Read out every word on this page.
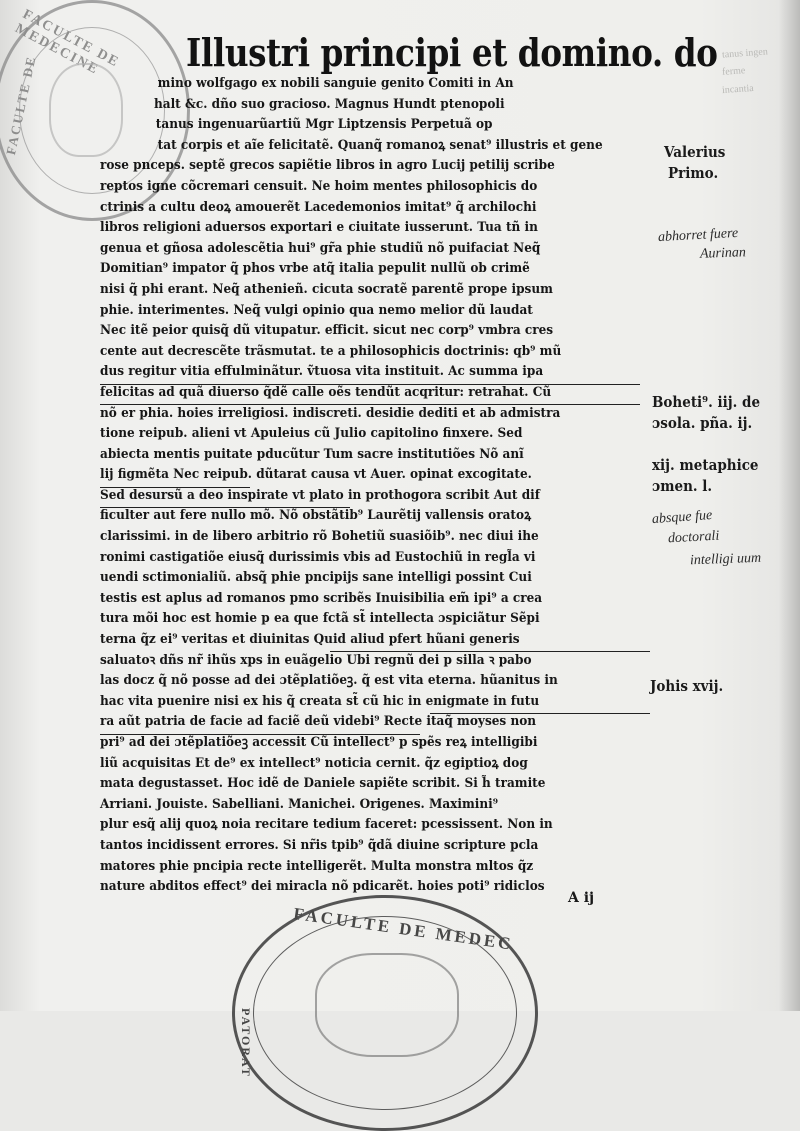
tanus ingen
ferme
incantia
FACULTE DE MEDECINE
FACULTE DE
Illustri principi et domino. do
mino wolfgago ex nobili sanguie genito Comiti in An
halt &c. dño suo gracioso. Magnus Hundt ptenopoli
tanus ingenuarũartiũ Mgr Liptzensis Perpetuã op
tat corpis et aĩe felicitatẽ. Quanq̃ romanoꝝ senat⁹ illustris et gene
rose pnceps. septẽ grecos sapiẽtie libros in agro Lucij petilij scribe
reptos igne cõcremari censuit. Ne hoim mentes philosophicis do
ctrinis a cultu deoꝝ amouerẽt Lacedemonios imitat⁹ q̃ archilochi
libros religioni aduersos exportari e ciuitate iusserunt. Tua tñ in
genua et gñosa adolescẽtia hui⁹ gr̃a phie studiũ nõ puifaciat Neq̃
Domitian⁹ impator q̃ phos vrbe atq̃ italia pepulit nullũ ob crimẽ
nisi q̃ phi erant. Neq̃ athenieñ. cicuta socratẽ parentẽ prope ipsum
phie. interimentes. Neq̃ vulgi opinio qua nemo melior dũ laudat
Nec itẽ peior quisq̃ dũ vitupatur. efficit. sicut nec corp⁹ vmbra cres
cente aut decrescẽte trãsmutat. te a philosophicis doctrinis: qb⁹ mũ
dus regitur vitia effulminãtur. ṽtuosa vita instituit. Ac summa ipa
felicitas ad quã diuerso q̃dẽ calle oẽs tendũt acqritur: retrahat. Cũ
nõ er phia. hoies irreligiosi. indiscreti. desidie dediti et ab admistra
tione reipub. alieni vt Apuleius cũ Julio capitolino finxere. Sed
abiecta mentis puitate pducũtur Tum sacre institutiões Nõ anĩ
lij figmẽta Nec reipub. dũtarat causa vt Auer. opinat excogitate.
Sed desursũ a deo inspirate vt plato in prothogora scribit Aut dif
ficulter aut fere nullo mõ. Nõ obstãtib⁹ Laurẽtij vallensis oratoꝝ
clarissimi. in de libero arbitrio rõ Bohetiũ suasiõib⁹. nec diui ihe
ronimi castigatiõe eiusq̃ durissimis vbis ad Eustochiũ in regl̃a vi
uendi sctimonialiũ. absq̃ phie pncipijs sane intelligi possint Cui
testis est aplus ad romanos pmo scribẽs Inuisibilia em̃ ipi⁹ a crea
tura mõi hoc est homie p ea que fctã st̃ intellecta ɔspiciãtur Sẽpi
terna q̃z ei⁹ veritas et diuinitas Quid aliud pfert hũani generis
saluatoꝛ dñs nr̃ ihũs xps in euãgelio Ubi regnũ dei p silla ꝛ pabo
las docz q̃ nõ posse ad dei ɔtẽplatiõeꝫ. q̃ est vita eterna. hũanitus in
hac vita puenire nisi ex his q̃ creata st̃ cũ hic in enigmate in futu
ra aũt patria de facie ad faciẽ deũ videbi⁹ Recte itaq̃ moyses non
pri⁹ ad dei ɔtẽplatiõeꝫ accessit Cũ intellect⁹ p spẽs reꝝ intelligibi
liũ acquisitas Et de⁹ ex intellect⁹ noticia cernit. q̃z egiptioꝝ dog
mata degustasset. Hoc idẽ de Daniele sapiẽte scribit. Si h̃ tramite
Arriani. Jouiste. Sabelliani. Manichei. Origenes. Maximini⁹
plur esq̃ alij quoꝝ noia recitare tedium faceret: pcessissent. Non in
tantos incidissent errores. Si nr̃is tpib⁹ q̃dã diuine scripture pcla
matores phie pncipia recte intelligerẽt. Multa monstra mltos q̃z
nature abditos effect⁹ dei miracla nõ pdicarẽt. hoies poti⁹ ridiclos
Valerius
Primo.
Boheti⁹. iij. de
ɔsola. pña. ij.
xij. metaphice
ɔmen. l.
Johis xvij.
abhorret fuere
Aurinan
absque fue
doctorali
intelligi uum
A ij
FACULTE DE MEDEC
PATORAT
